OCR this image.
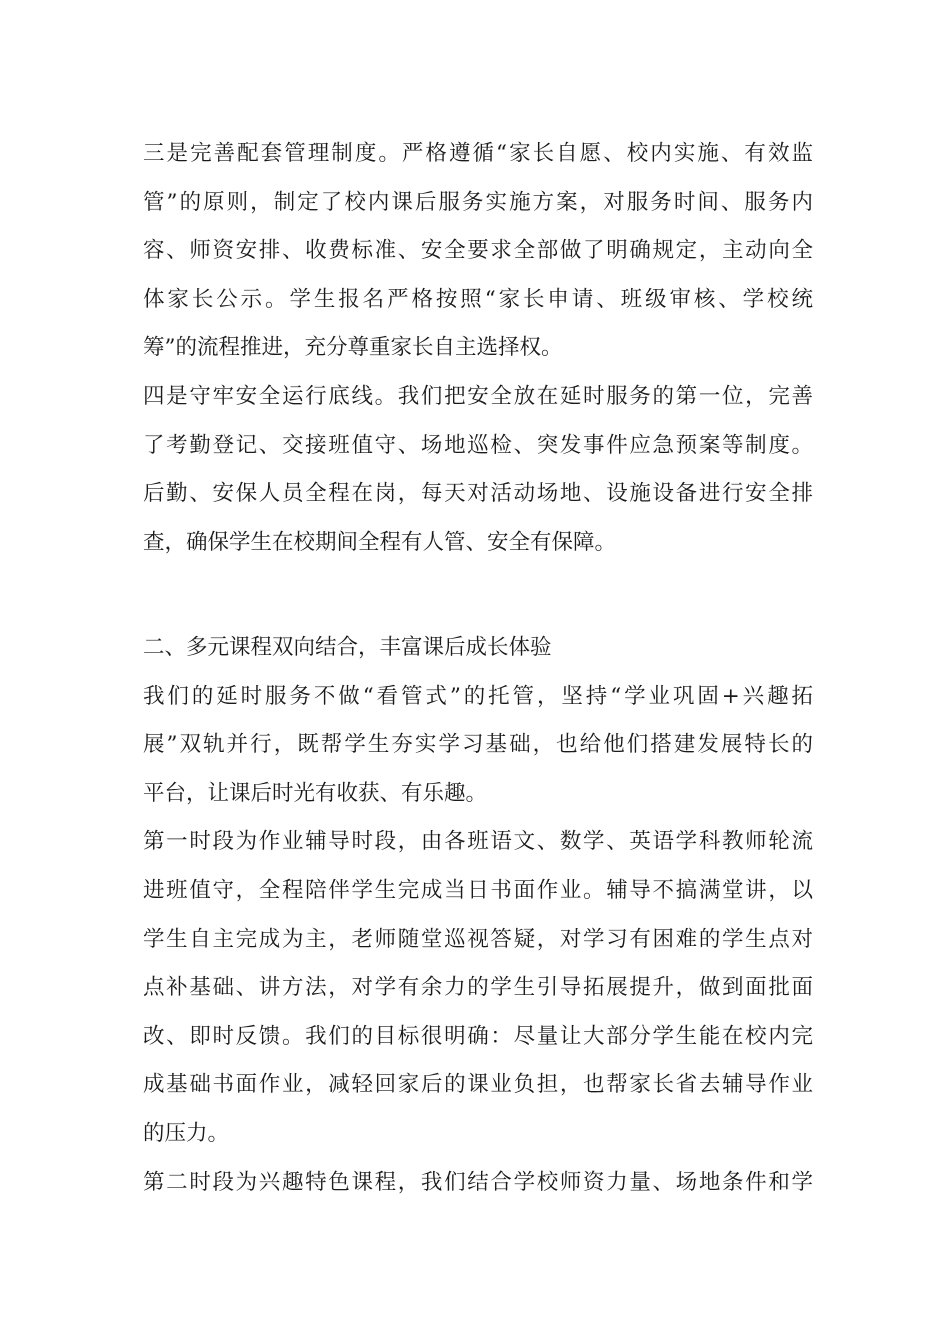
三是完善配套管理制度。严格遵循“家长自愿、校内实施、有效监
管”的原则，制定了校内课后服务实施方案，对服务时间、服务内
容、师资安排、收费标准、安全要求全部做了明确规定，主动向全
体家长公示。学生报名严格按照“家长申请、班级审核、学校统
筹”的流程推进，充分尊重家长自主选择权。
四是守牢安全运行底线。我们把安全放在延时服务的第一位，完善
了考勤登记、交接班值守、场地巡检、突发事件应急预案等制度。
后勤、安保人员全程在岗，每天对活动场地、设施设备进行安全排
查，确保学生在校期间全程有人管、安全有保障。
二、多元课程双向结合，丰富课后成长体验
我们的延时服务不做“看管式”的托管，坚持“学业巩固+兴趣拓
展”双轨并行，既帮学生夯实学习基础，也给他们搭建发展特长的
平台，让课后时光有收获、有乐趣。
第一时段为作业辅导时段，由各班语文、数学、英语学科教师轮流
进班值守，全程陪伴学生完成当日书面作业。辅导不搞满堂讲，以
学生自主完成为主，老师随堂巡视答疑，对学习有困难的学生点对
点补基础、讲方法，对学有余力的学生引导拓展提升，做到面批面
改、即时反馈。我们的目标很明确：尽量让大部分学生能在校内完
成基础书面作业，减轻回家后的课业负担，也帮家长省去辅导作业
的压力。
第二时段为兴趣特色课程，我们结合学校师资力量、场地条件和学
